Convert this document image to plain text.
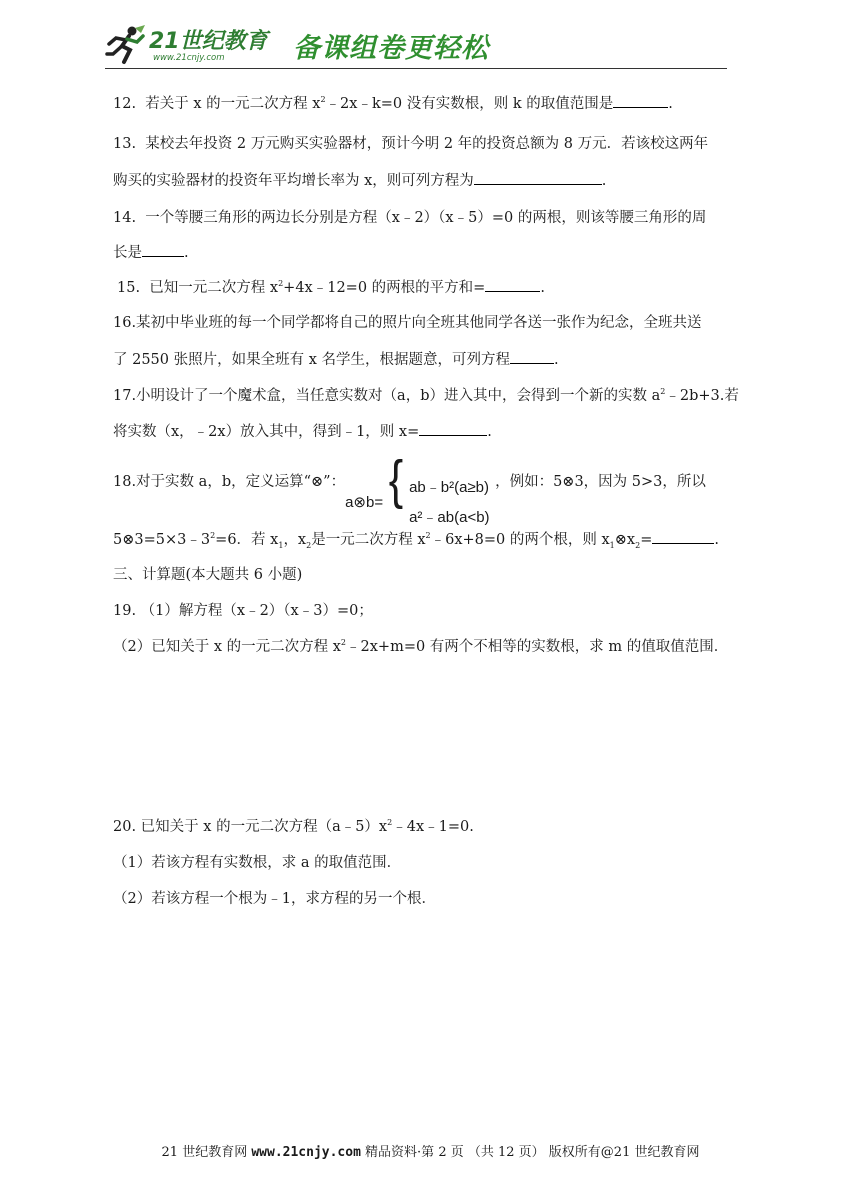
21世纪教育
www.21cnjy.com	备课组卷更轻松
12. 若关于 x 的一元二次方程 $x^2﹣2x﹣k=0$ 没有实数根，则 k 的取值范围是	.
13. 某校去年投资 2 万元购买实验器材，预计今明 2 年的投资总额为 8 万元．若该校这两年
购买的实验器材的投资年平均增长率为 x，则可列方程为	.
14. 一个等腰三角形的两边长分别是方程（x﹣2）（x﹣5）=0 的两根，则该等腰三角形的周
长是	.
15. 已知一元二次方程 $x^2+4x﹣12=0$ 的两根的平方和=	.
16.某初中毕业班的每一个同学都将自己的照片向全班其他同学各送一张作为纪念，全班共送
了 2550 张照片，如果全班有 x 名学生，根据题意，可列方程	.
17.小明设计了一个魔术盒，当任意实数对（a，b）进入其中，会得到一个新的实数 $a^2﹣2b+3$.若
将实数（x，﹣2x）放入其中，得到﹣1，则 x=	.
18.对于实数 a，b，定义运算“⊗”：
a⊗b= { ab﹣b²(a≥b)
a²﹣ab(a<b)
，例如：5⊗3，因为 5>3，所以
$5\otimes 3=5\times 3﹣3^2=6$．若 $x_1$，$x_2$是一元二次方程 $x^2﹣6x+8=0$ 的两个根，则 $x_1\otimes x_2=$	.
三、计算题(本大题共 6 小题)
19. （1）解方程（x﹣2）（x﹣3）=0；
（2）已知关于 x 的一元二次方程 $x^2﹣2x+m=0$ 有两个不相等的实数根，求 m 的值取值范围．
20. 已知关于 x 的一元二次方程$(a﹣5)x^2﹣4x﹣1=0$.
（1）若该方程有实数根，求 a 的取值范围．
（2）若该方程一个根为﹣1，求方程的另一个根．
21 世纪教育网 www.21cnjy.com 精品资料·第 2 页 （共 12 页） 版权所有@21 世纪教育网
